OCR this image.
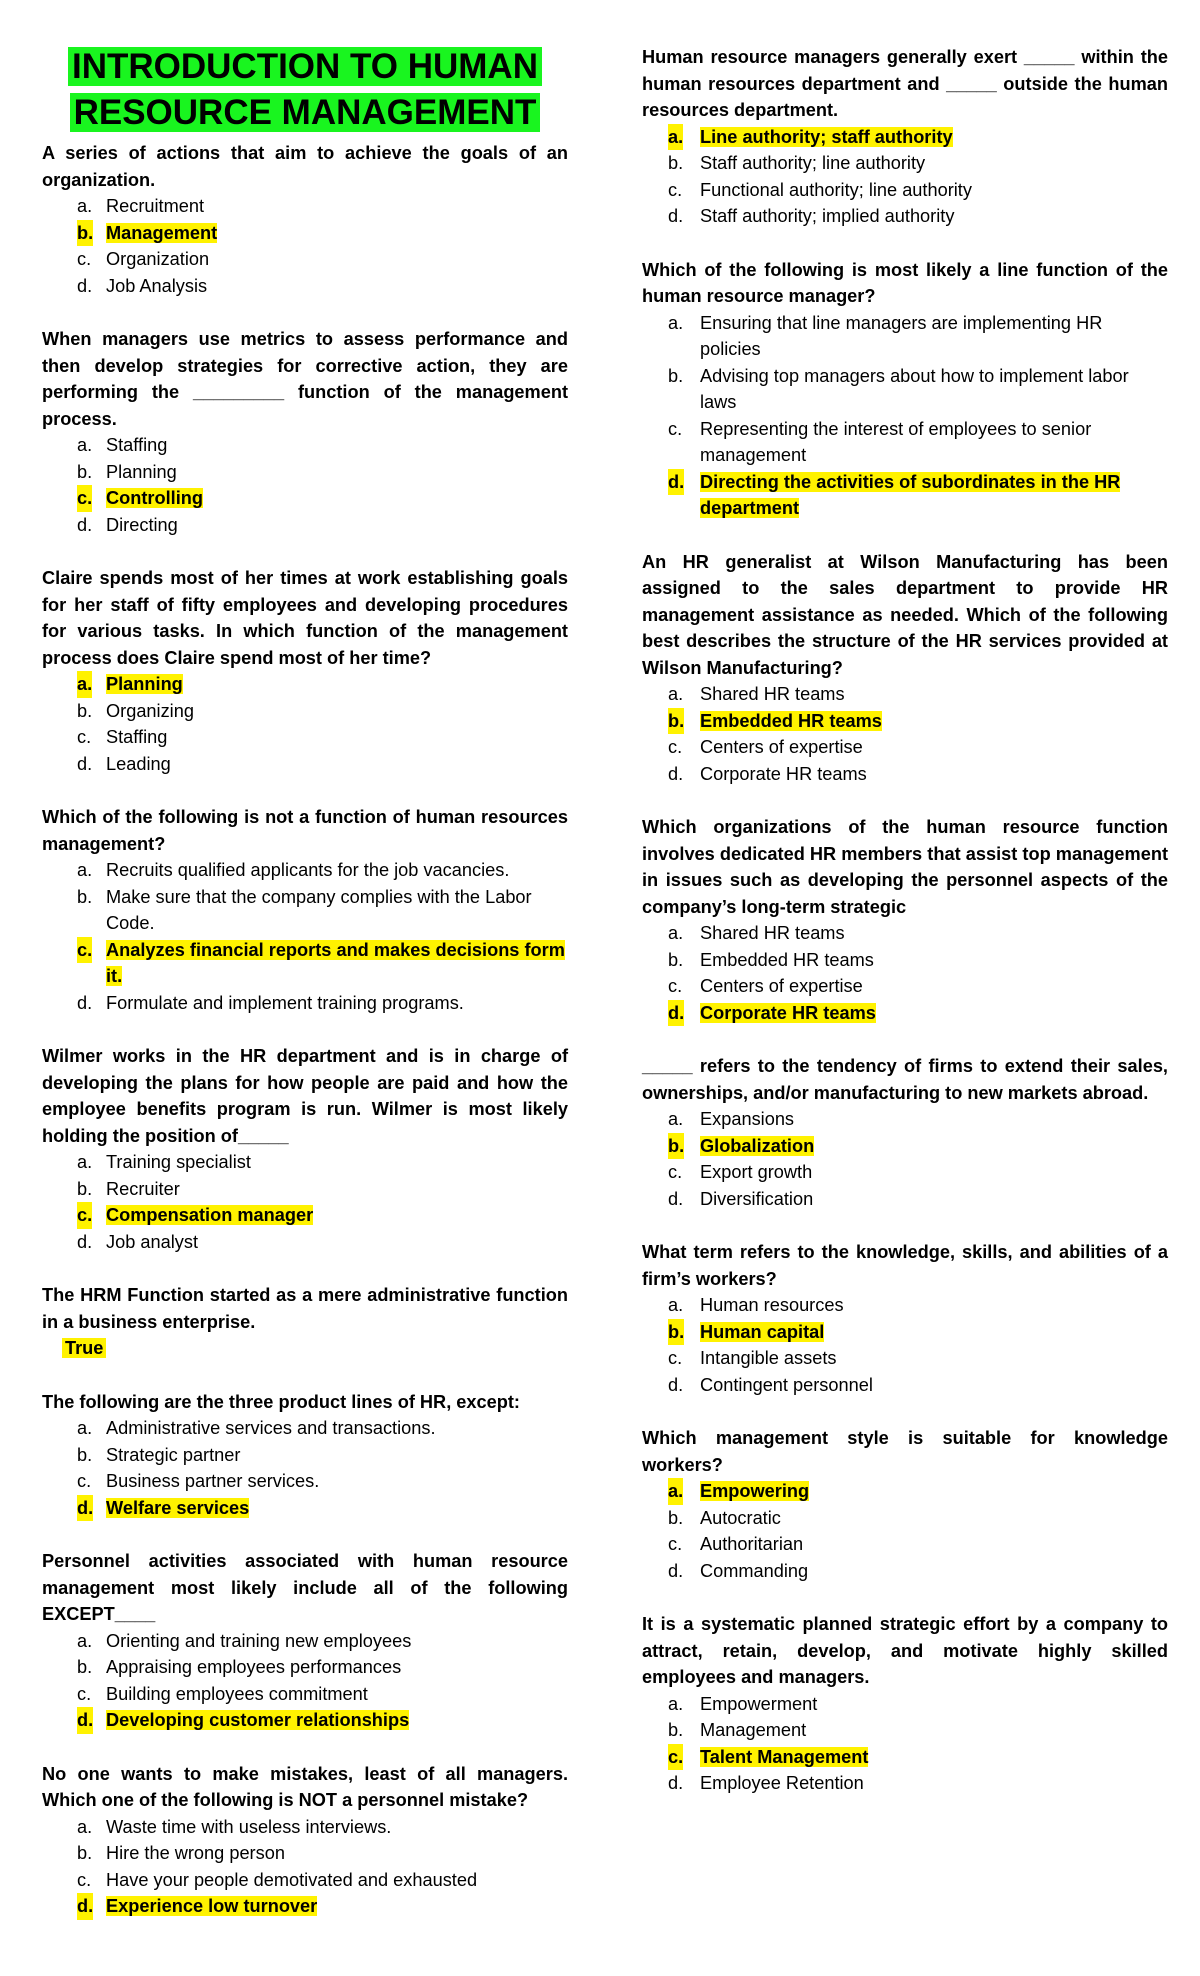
INTRODUCTION TO HUMAN
RESOURCE MANAGEMENT

A series of actions that aim to achieve the goals of an organization.

a. Recruitment
b. Management
c. Organization
d. Job Analysis

When managers use metrics to assess performance and then develop strategies for corrective action, they are performing the _________ function of the management process.

a. Staffing
b. Planning
c. Controlling
d. Directing

Claire spends most of her times at work establishing goals for her staff of fifty employees and developing procedures for various tasks. In which function of the management process does Claire spend most of her time?

a. Planning
b. Organizing
c. Staffing
d. Leading

Which of the following is not a function of human resources management?

a. Recruits qualified applicants for the job vacancies.
b. Make sure that the company complies with the Labor Code.
c. Analyzes financial reports and makes decisions form it.
d. Formulate and implement training programs.

Wilmer works in the HR department and is in charge of developing the plans for how people are paid and how the employee benefits program is run. Wilmer is most likely holding the position of_____

a. Training specialist
b. Recruiter
c. Compensation manager
d. Job analyst

The HRM Function started as a mere administrative function in a business enterprise.

True

The following are the three product lines of HR, except:

a. Administrative services and transactions.
b. Strategic partner
c. Business partner services.
d. Welfare services

Personnel activities associated with human resource management most likely include all of the following EXCEPT____

a. Orienting and training new employees
b. Appraising employees performances
c. Building employees commitment
d. Developing customer relationships

No one wants to make mistakes, least of all managers. Which one of the following is NOT a personnel mistake?

a. Waste time with useless interviews.
b. Hire the wrong person
c. Have your people demotivated and exhausted
d. Experience low turnover

Human resource managers generally exert _____ within the human resources department and _____ outside the human resources department.

a. Line authority; staff authority
b. Staff authority; line authority
c. Functional authority; line authority
d. Staff authority; implied authority

Which of the following is most likely a line function of the human resource manager?

a. Ensuring that line managers are implementing HR policies
b. Advising top managers about how to implement labor laws
c. Representing the interest of employees to senior management
d. Directing the activities of subordinates in the HR department

An HR generalist at Wilson Manufacturing has been assigned to the sales department to provide HR management assistance as needed. Which of the following best describes the structure of the HR services provided at Wilson Manufacturing?

a. Shared HR teams
b. Embedded HR teams
c. Centers of expertise
d. Corporate HR teams

Which organizations of the human resource function involves dedicated HR members that assist top management in issues such as developing the personnel aspects of the company’s long-term strategic

a. Shared HR teams
b. Embedded HR teams
c. Centers of expertise
d. Corporate HR teams

_____ refers to the tendency of firms to extend their sales, ownerships, and/or manufacturing to new markets abroad.

a. Expansions
b. Globalization
c. Export growth
d. Diversification

What term refers to the knowledge, skills, and abilities of a firm’s workers?

a. Human resources
b. Human capital
c. Intangible assets
d. Contingent personnel

Which management style is suitable for knowledge workers?

a. Empowering
b. Autocratic
c. Authoritarian
d. Commanding

It is a systematic planned strategic effort by a company to attract, retain, develop, and motivate highly skilled employees and managers.

a. Empowerment
b. Management
c. Talent Management
d. Employee Retention
